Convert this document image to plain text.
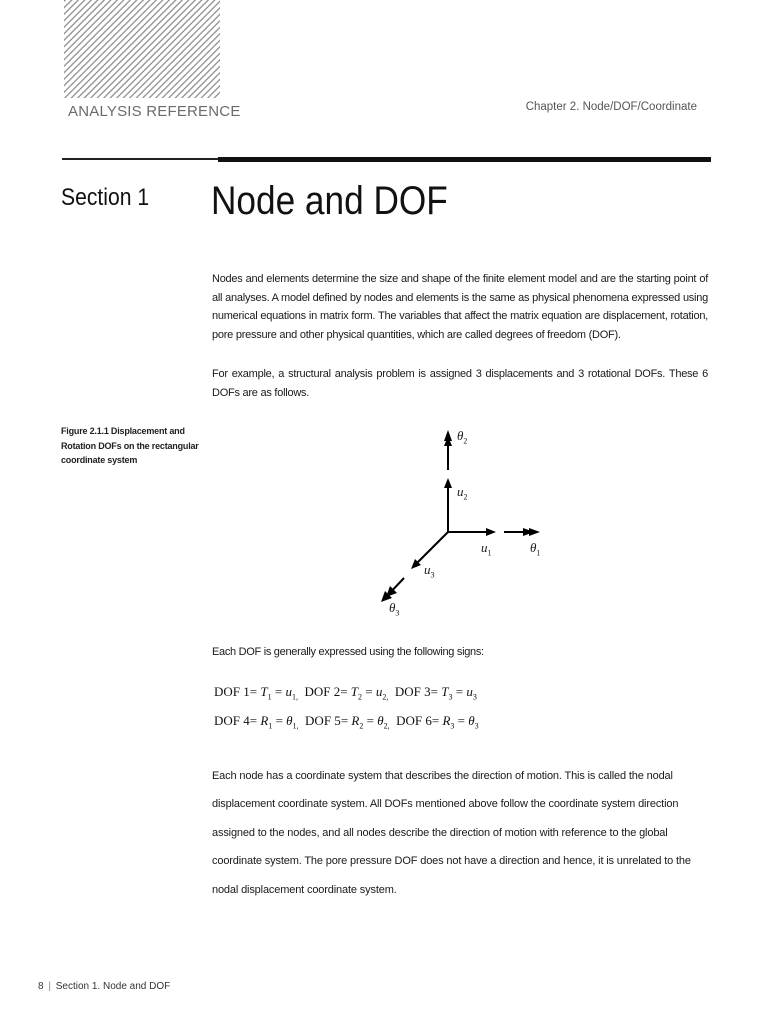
ANALYSIS REFERENCE	Chapter 2. Node/DOF/Coordinate
Section 1 Node and DOF
Nodes and elements determine the size and shape of the finite element model and are the starting point of all analyses. A model defined by nodes and elements is the same as physical phenomena expressed using numerical equations in matrix form. The variables that affect the matrix equation are displacement, rotation, pore pressure and other physical quantities, which are called degrees of freedom (DOF).
For example, a structural analysis problem is assigned 3 displacements and 3 rotational DOFs. These 6 DOFs are as follows.
Figure 2.1.1 Displacement and Rotation DOFs on the rectangular coordinate system
$\theta_2$
$u_2$
$u_1$	$\theta_1$
$u_3$
$\theta_3$
Each DOF is generally expressed using the following signs:
DOF $1= T_1 = u_{1,}$ DOF $2= T_2 = u_{2,}$ DOF $3= T_3 = u_3$
DOF $4= R_1 = \theta_{1,}$ DOF $5= R_2 = \theta_{2,}$ DOF $6= R_3 = \theta_3$
Each node has a coordinate system that describes the direction of motion. This is called the nodal displacement coordinate system. All DOFs mentioned above follow the coordinate system direction assigned to the nodes, and all nodes describe the direction of motion with reference to the global coordinate system. The pore pressure DOF does not have a direction and hence, it is unrelated to the nodal displacement coordinate system.
8 | Section 1. Node and DOF
